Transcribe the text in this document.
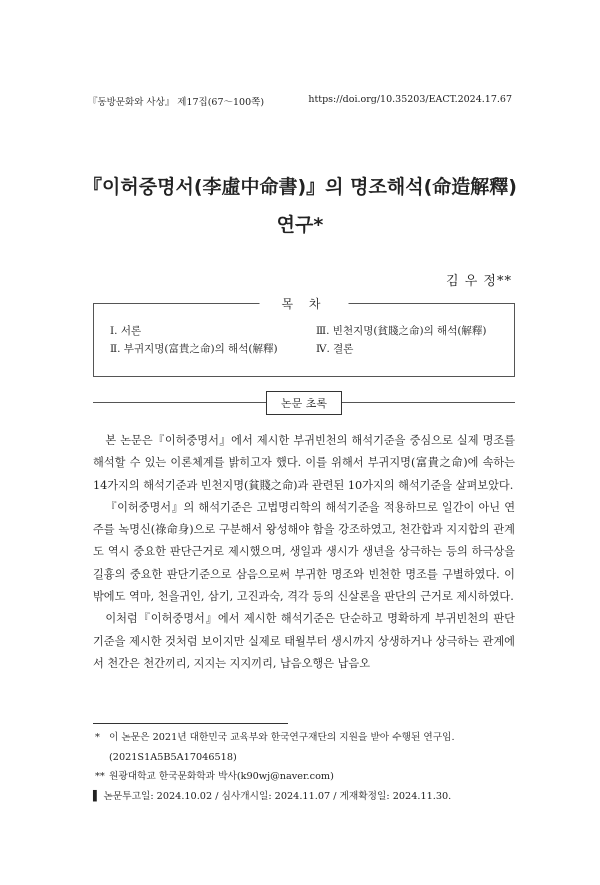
『동방문화와 사상』 제17집(67～100쪽)	https://doi.org/10.35203/EACT.2024.17.67
『이허중명서(李虛中命書)』의 명조해석(命造解釋)
연구*
김 우 정**
목 차
Ⅰ. 서론
Ⅱ. 부귀지명(富貴之命)의 해석(解釋)
Ⅲ. 빈천지명(貧賤之命)의 해석(解釋)
Ⅳ. 결론
논문 초록

본 논문은『이허중명서』에서 제시한 부귀빈천의 해석기준을 중심으로 실제 명조를 해석할 수 있는 이론체계를 밝히고자 했다. 이를 위해서 부귀지명(富貴之命)에 속하는 14가지의 해석기준과 빈천지명(貧賤之命)과 관련된 10가지의 해석기준을 살펴보았다.

『이허중명서』의 해석기준은 고법명리학의 해석기준을 적용하므로 일간이 아닌 연주를 녹명신(祿命身)으로 구분해서 왕성해야 함을 강조하였고, 천간합과 지지합의 관계도 역시 중요한 판단근거로 제시했으며, 생일과 생시가 생년을 상극하는 등의 하극상을 길흉의 중요한 판단기준으로 삼음으로써 부귀한 명조와 빈천한 명조를 구별하였다. 이 밖에도 역마, 천을귀인, 삼기, 고진과숙, 격각 등의 신살론을 판단의 근거로 제시하였다.

이처럼『이허중명서』에서 제시한 해석기준은 단순하고 명확하게 부귀빈천의 판단기준을 제시한 것처럼 보이지만 실제로 태월부터 생시까지 상생하거나 상극하는 관계에서 천간은 천간끼리, 지지는 지지끼리, 납음오행은 납음오

* 이 논문은 2021년 대한민국 교육부와 한국연구재단의 지원을 받아 수행된 연구임.(2021S1A5B5A17046518)
** 원광대학교 한국문화학과 박사(k90wj@naver.com)
▌ 논문투고일: 2024.10.02 / 심사개시일: 2024.11.07 / 게재확정일: 2024.11.30.
